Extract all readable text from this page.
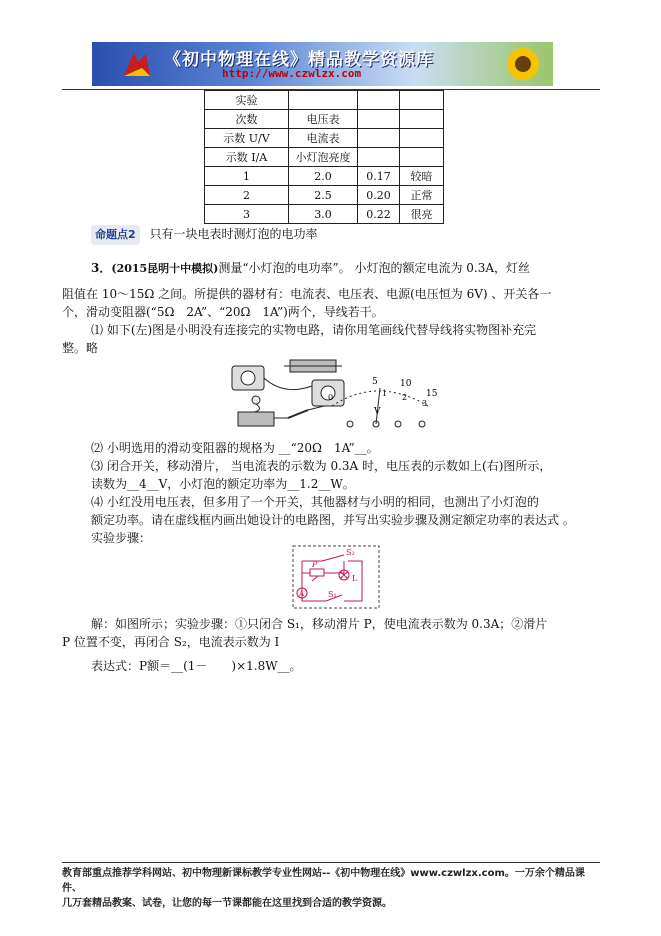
《初中物理在线》精品教学资源库
http://www.czwlzx.com
实验			
次数	电压表		
示数 U/V	电流表		
示数 I/A	小灯泡亮度		
1	2.0	0.17	较暗
2	2.5	0.20	正常
3	3.0	0.22	很亮
命题点2 只有一块电表时测灯泡的电功率
3．(2015昆明十中模拟)测量“小灯泡的电功率”。 小灯泡的额定电流为 0.3A，灯丝
阻值在 10～15Ω 之间。所提供的器材有：电流表、电压表、电源(电压恒为 6V) 、开关各一
个，滑动变阻器(“5Ω　2A”、“20Ω　1A”)两个，导线若干。
⑴ 如下(左)图是小明没有连接完的实物电路，请你用笔画线代替导线将实物图补充完
整。略
5 10
1 2
3
15
0
V
⑵ 小明选用的滑动变阻器的规格为 __“20Ω　1A”__。
⑶ 闭合开关，移动滑片， 当电流表的示数为 0.3A 时，电压表的示数如上(右)图所示，
读数为__4__V，小灯泡的额定功率为__1.2__W。
⑷ 小红没用电压表，但多用了一个开关，其他器材与小明的相同，也测出了小灯泡的
额定功率。请在虚线框内画出她设计的电路图，并写出实验步骤及测定额定功率的表达式 。
实验步骤：
S₂
P
L
A	S₁
解：如图所示；实验步骤：①只闭合 S₁，移动滑片 P，使电流表示数为 0.3A；②滑片
P 位置不变，再闭合 S₂，电流表示数为 I
表达式：P额＝__(1－　　)×1.8W__。
教育部重点推荐学科网站、初中物理新课标教学专业性网站--《初中物理在线》www.czwlzx.com。一万余个精品课件、
几万套精品教案、试卷，让您的每一节课都能在这里找到合适的教学资源。
